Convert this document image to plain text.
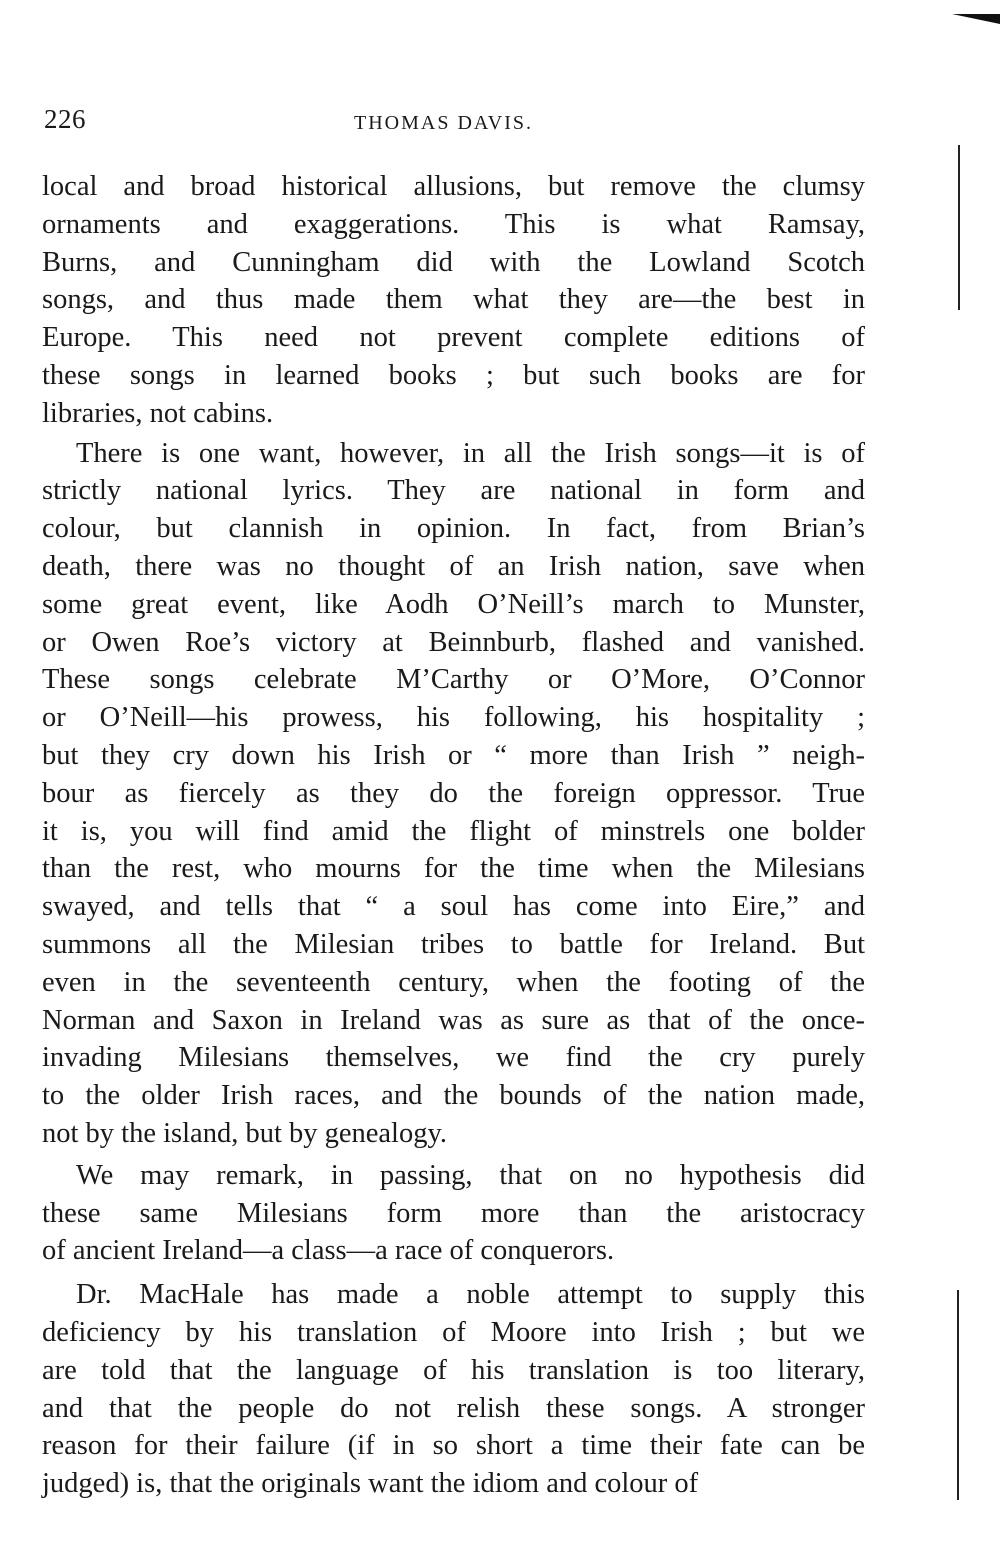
226	THOMAS DAVIS.
local and broad historical allusions, but remove the clumsy
ornaments and exaggerations. This is what Ramsay,
Burns, and Cunningham did with the Lowland Scotch
songs, and thus made them what they are—the best in
Europe. This need not prevent complete editions of
these songs in learned books ; but such books are for
libraries, not cabins.
There is one want, however, in all the Irish songs—it is of
strictly national lyrics. They are national in form and
colour, but clannish in opinion. In fact, from Brian’s
death, there was no thought of an Irish nation, save when
some great event, like Aodh O’Neill’s march to Munster,
or Owen Roe’s victory at Beinnburb, flashed and vanished.
These songs celebrate M’Carthy or O’More, O’Connor
or O’Neill—his prowess, his following, his hospitality ;
but they cry down his Irish or “ more than Irish ” neigh-
bour as fiercely as they do the foreign oppressor. True
it is, you will find amid the flight of minstrels one bolder
than the rest, who mourns for the time when the Milesians
swayed, and tells that “ a soul has come into Eire,” and
summons all the Milesian tribes to battle for Ireland. But
even in the seventeenth century, when the footing of the
Norman and Saxon in Ireland was as sure as that of the once-
invading Milesians themselves, we find the cry purely
to the older Irish races, and the bounds of the nation made,
not by the island, but by genealogy.
We may remark, in passing, that on no hypothesis did
these same Milesians form more than the aristocracy
of ancient Ireland—a class—a race of conquerors.
Dr. MacHale has made a noble attempt to supply this
deficiency by his translation of Moore into Irish ; but we
are told that the language of his translation is too literary,
and that the people do not relish these songs. A stronger
reason for their failure (if in so short a time their fate can be
judged) is, that the originals want the idiom and colour of
